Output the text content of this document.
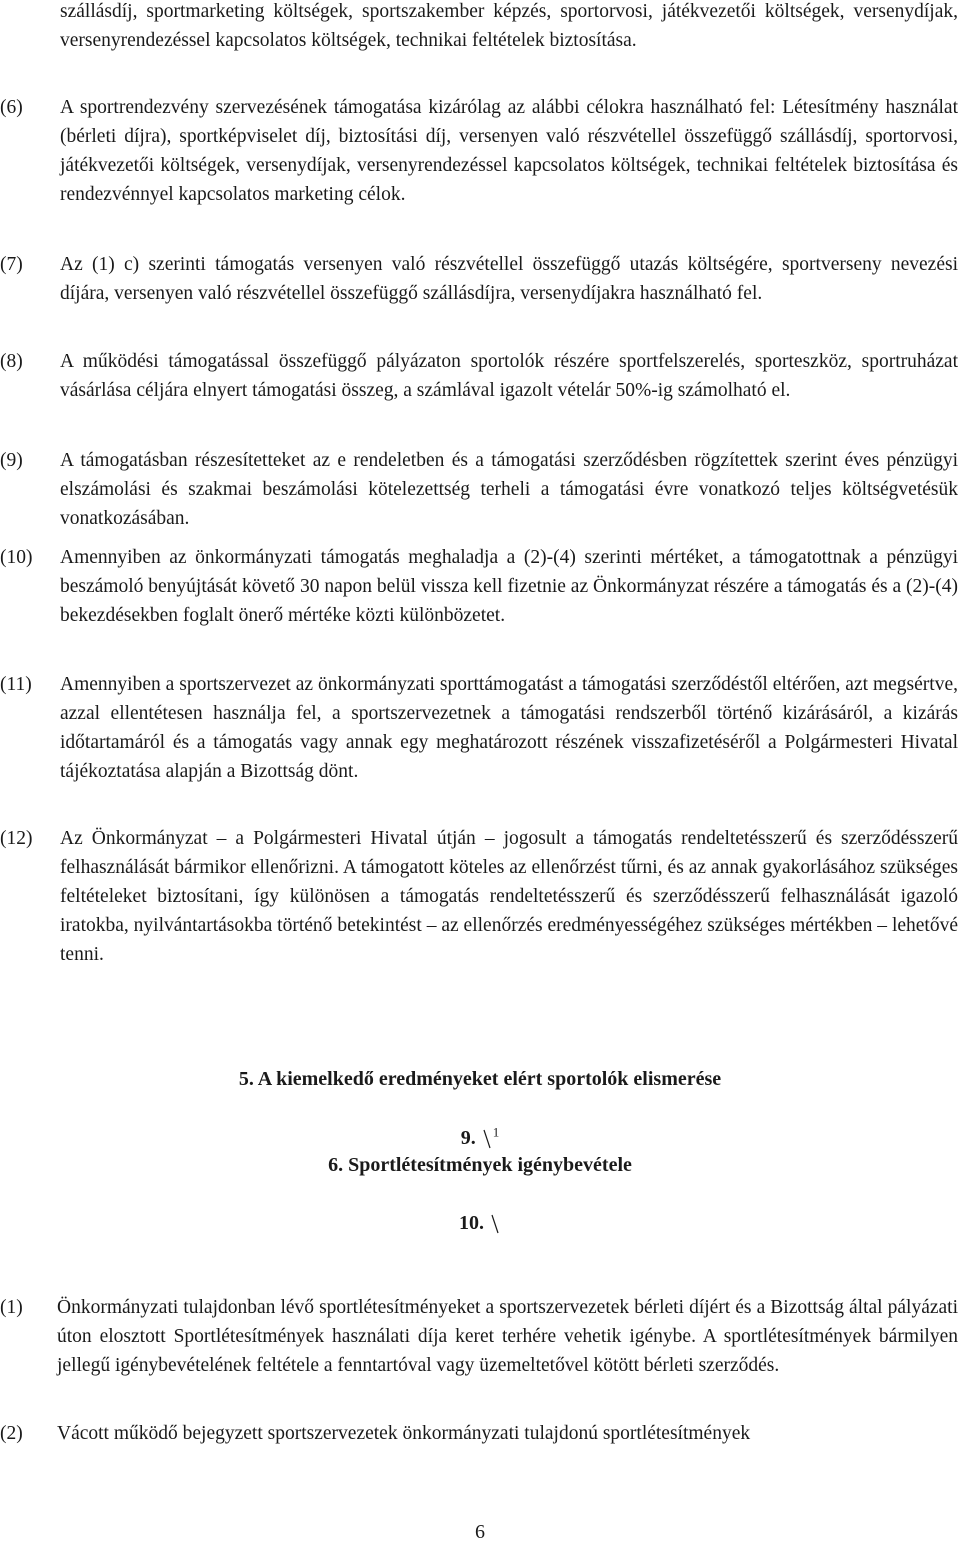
szállásdíj, sportmarketing költségek, sportszakember képzés, sportorvosi, játékvezetői költségek, versenydíjak, versenyrendezéssel kapcsolatos költségek, technikai feltételek biztosítása.
(6)	A sportrendezvény szervezésének támogatása kizárólag az alábbi célokra használható fel: Létesítmény használat (bérleti díjra), sportképviselet díj, biztosítási díj, versenyen való részvétellel összefüggő szállásdíj, sportorvosi, játékvezetői költségek, versenydíjak, versenyrendezéssel kapcsolatos költségek, technikai feltételek biztosítása és rendezvénnyel kapcsolatos marketing célok.
(7)	Az (1) c) szerinti támogatás versenyen való részvétellel összefüggő utazás költségére, sportverseny nevezési díjára, versenyen való részvétellel összefüggő szállásdíjra, versenydíjakra használható fel.
(8)	A működési támogatással összefüggő pályázaton sportolók részére sportfelszerelés, sporteszköz, sportruházat vásárlása céljára elnyert támogatási összeg, a számlával igazolt vételár 50%-ig számolható el.
(9)	A támogatásban részesítetteket az e rendeletben és a támogatási szerződésben rögzítettek szerint éves pénzügyi elszámolási és szakmai beszámolási kötelezettség terheli a támogatási évre vonatkozó teljes költségvetésük vonatkozásában.
(10)	Amennyiben az önkormányzati támogatás meghaladja a (2)-(4) szerinti mértéket, a támogatottnak a pénzügyi beszámoló benyújtását követő 30 napon belül vissza kell fizetnie az Önkormányzat részére a támogatás és a (2)-(4) bekezdésekben foglalt önerő mértéke közti különbözetet.
(11)	Amennyiben a sportszervezet az önkormányzati sporttámogatást a támogatási szerződéstől eltérően, azt megsértve, azzal ellentétesen használja fel, a sportszervezetnek a támogatási rendszerből történő kizárásáról, a kizárás időtartamáról és a támogatás vagy annak egy meghatározott részének visszafizetéséről a Polgármesteri Hivatal tájékoztatása alapján a Bizottság dönt.
(12)	Az Önkormányzat – a Polgármesteri Hivatal útján – jogosult a támogatás rendeltetésszerű és szerződésszerű felhasználását bármikor ellenőrizni. A támogatott köteles az ellenőrzést tűrni, és az annak gyakorlásához szükséges feltételeket biztosítani, így különösen a támogatás rendeltetésszerű és szerződésszerű felhasználását igazoló iratokba, nyilvántartásokba történő betekintést – az ellenőrzés eredményességéhez szükséges mértékben – lehetővé tenni.
5. A kiemelkedő eredményeket elért sportolók elismerése
9. $^1$
6. Sportlétesítmények igénybevétele
10.
(1)	Önkormányzati tulajdonban lévő sportlétesítményeket a sportszervezetek bérleti díjért és a Bizottság által pályázati úton elosztott Sportlétesítmények használati díja keret terhére vehetik igénybe. A sportlétesítmények bármilyen jellegű igénybevételének feltétele a fenntartóval vagy üzemeltetővel kötött bérleti szerződés.
(2)	Vácott működő bejegyzett sportszervezetek önkormányzati tulajdonú sportlétesítmények
6
